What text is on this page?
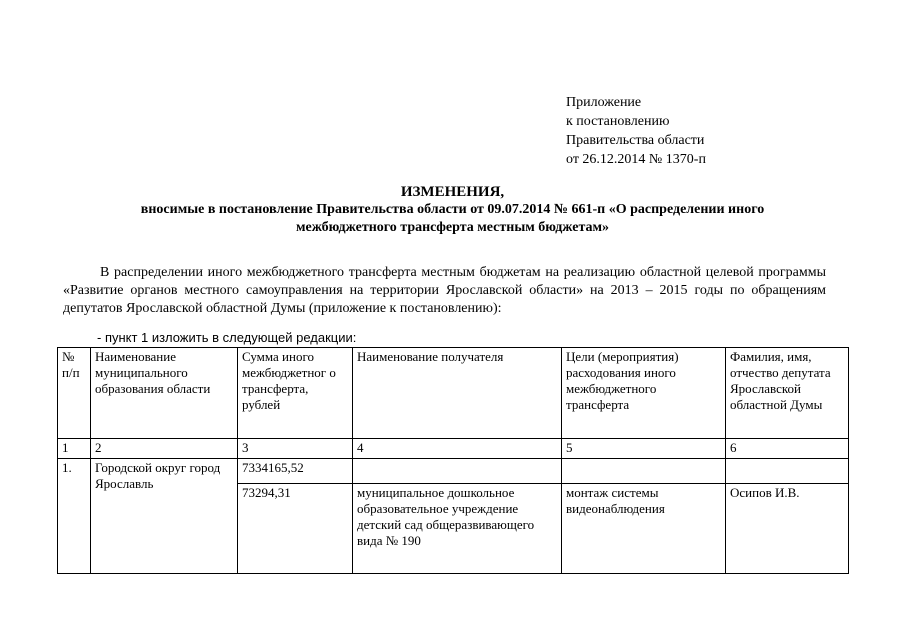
Приложение
к постановлению
Правительства области
от 26.12.2014 № 1370-п
ИЗМЕНЕНИЯ,
вносимые в постановление Правительства области от 09.07.2014 № 661-п «О распределении иного
межбюджетного трансферта местным бюджетам»
В распределении иного межбюджетного трансферта местным бюджетам на реализацию областной целевой программы «Развитие органов местного самоуправления на территории Ярославской области» на 2013 – 2015 годы по обращениям депутатов Ярославской областной Думы (приложение к постановлению):
- пункт 1 изложить в следующей редакции:
№ п/п	Наименование муниципального образования области	Сумма иного межбюджетног о трансферта, рублей	Наименование получателя	Цели (мероприятия) расходования иного межбюджетного трансферта	Фамилия, имя, отчество депутата Ярославской областной Думы
1	2	3	4	5	6
1.	Городской округ город Ярославль	7334165,52			
		73294,31	муниципальное дошкольное образовательное учреждение детский сад общеразвивающего вида № 190	монтаж системы видеонаблюдения	Осипов И.В.
